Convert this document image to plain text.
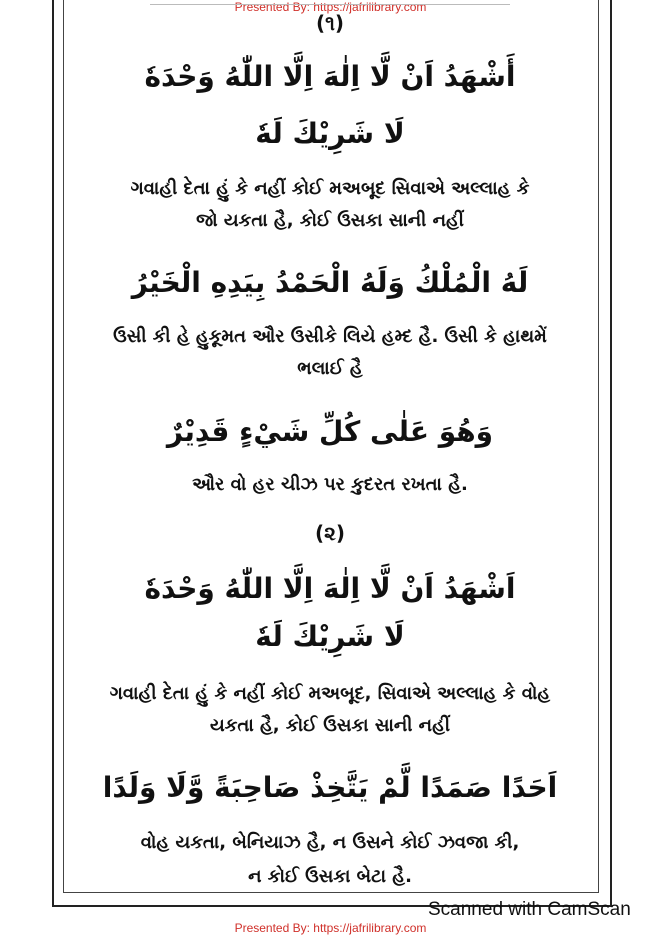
Presented By: https://jafrilibrary.com
(૧)
أَشْهَدُ اَنْ لَّا اِلٰهَ اِلَّا اللّٰهُ وَحْدَهٗ
لَا شَرِيْكَ لَهٗ
ગવાહી દેતા હું કે નહીં કોઈ મઅબૂદ સિવાએ અલ્લાહ કે
જો યકતા હૈ, કોઈ ઉસકા સાની નહીં
لَهُ الْمُلْكُ وَلَهُ الْحَمْدُ بِيَدِهِ الْخَيْرُ
ઉસી કી હે હુકૂમત ઔર ઉસીકે લિયે હમ્દ હૈ. ઉસી કે હાથમેં
ભલાઈ હૈ
وَهُوَ عَلٰى كُلِّ شَيْءٍ قَدِيْرٌ
ઔર વો હર ચીઝ પર કુદરત રખતા હૈ.
(૨)
اَشْهَدُ اَنْ لَّا اِلٰهَ اِلَّا اللّٰهُ وَحْدَهٗ
لَا شَرِيْكَ لَهٗ
ગવાહી દેતા હું કે નહીં કોઈ મઅબૂદ, સિવાએ અલ્લાહ કે વોહ
યકતા હૈ, કોઈ ઉસકા સાની નહીં
اَحَدًا صَمَدًا لَّمْ يَتَّخِذْ صَاحِبَةً وَّلَا وَلَدًا
વોહ યકતા, બેનિયાઝ હૈ, ન ઉસને કોઈ ઝવજા કી,
ન કોઈ ઉસકા બેટા હૈ.
Scanned with CamScan
Presented By: https://jafrilibrary.com
